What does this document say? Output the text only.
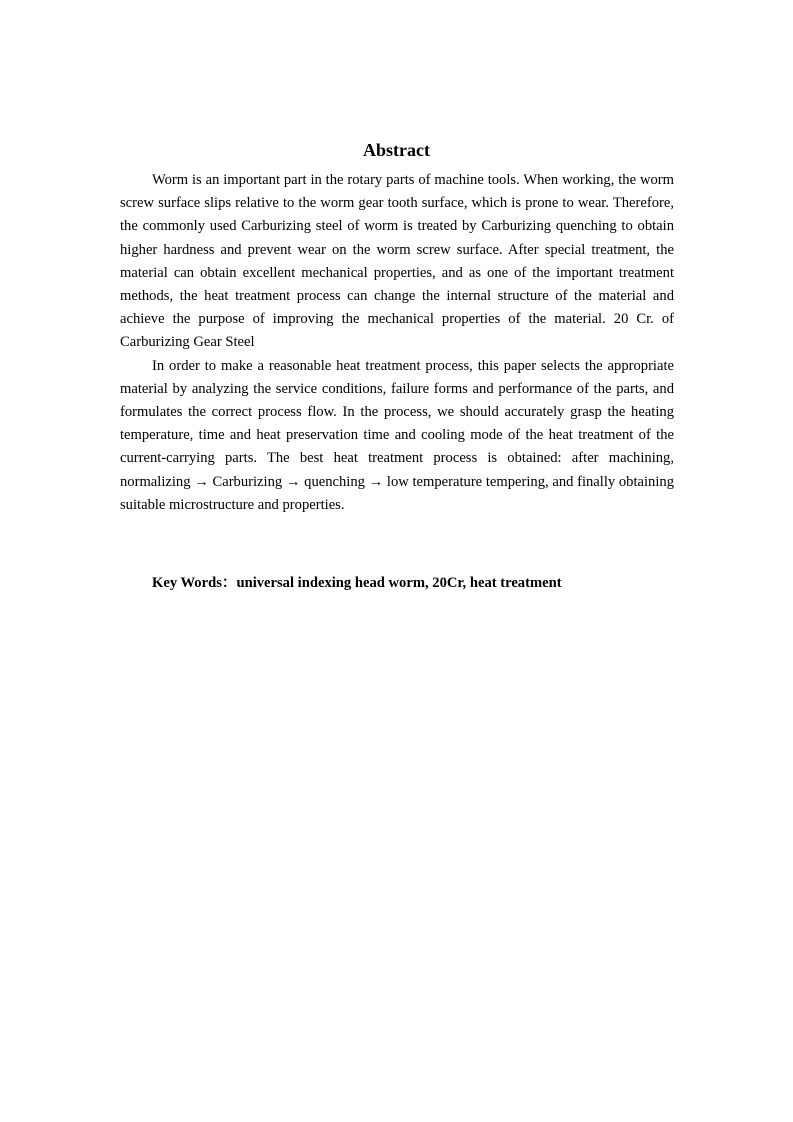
Abstract

Worm is an important part in the rotary parts of machine tools. When working, the worm screw surface slips relative to the worm gear tooth surface, which is prone to wear. Therefore, the commonly used Carburizing steel of worm is treated by Carburizing quenching to obtain higher hardness and prevent wear on the worm screw surface. After special treatment, the material can obtain excellent mechanical properties, and as one of the important treatment methods, the heat treatment process can change the internal structure of the material and achieve the purpose of improving the mechanical properties of the material. 20 Cr. of Carburizing Gear Steel

In order to make a reasonable heat treatment process, this paper selects the appropriate material by analyzing the service conditions, failure forms and performance of the parts, and formulates the correct process flow. In the process, we should accurately grasp the heating temperature, time and heat preservation time and cooling mode of the heat treatment of the current-carrying parts. The best heat treatment process is obtained: after machining, normalizing → Carburizing → quenching → low temperature tempering, and finally obtaining suitable microstructure and properties.

Key Words：universal indexing head worm, 20Cr, heat treatment
